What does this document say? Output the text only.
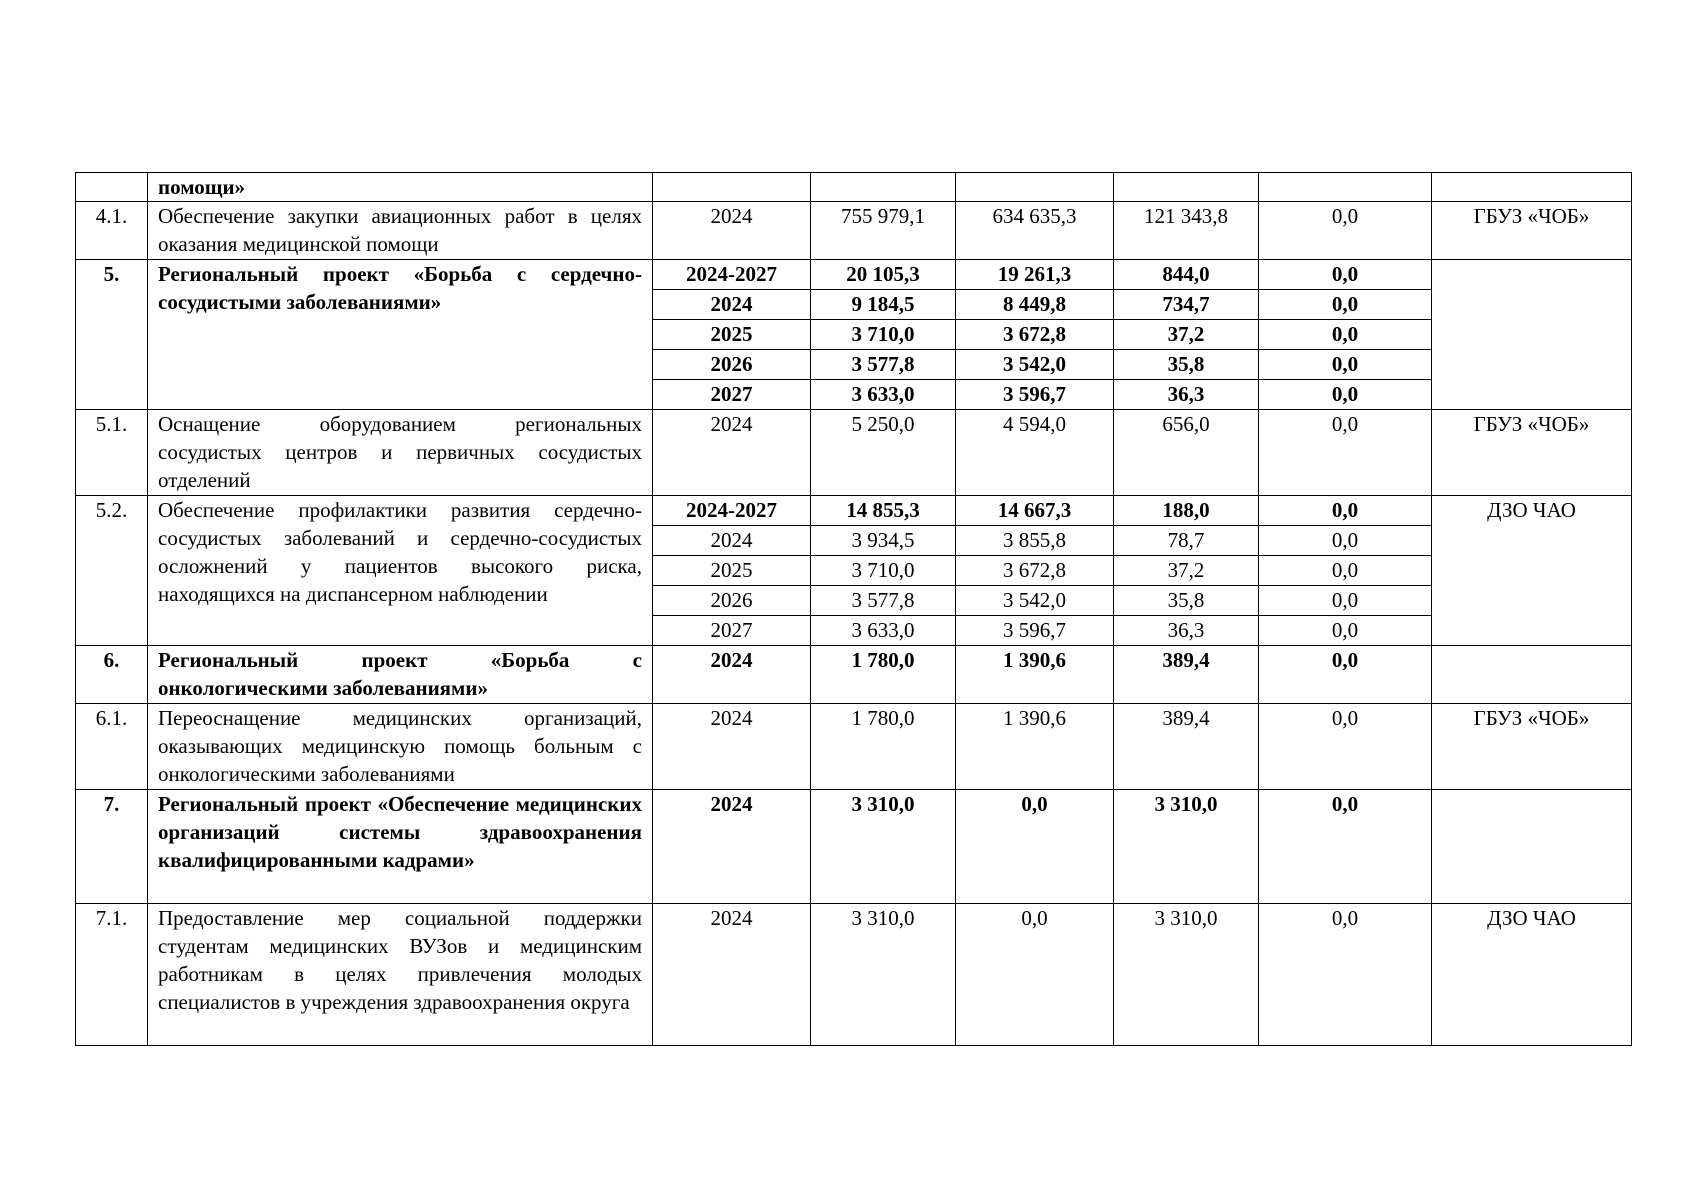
	помощи»						
4.1.	Обеспечение закупки авиационных работ в целях оказания медицинской помощи	2024	755 979,1	634 635,3	121 343,8	0,0	ГБУЗ «ЧОБ»
5.	Региональный проект «Борьба с сердечно-сосудистыми заболеваниями»	2024-2027	20 105,3	19 261,3	844,0	0,0	
		2024	9 184,5	8 449,8	734,7	0,0	
		2025	3 710,0	3 672,8	37,2	0,0	
		2026	3 577,8	3 542,0	35,8	0,0	
		2027	3 633,0	3 596,7	36,3	0,0	
5.1.	Оснащение оборудованием региональных сосудистых центров и первичных сосудистых отделений	2024	5 250,0	4 594,0	656,0	0,0	ГБУЗ «ЧОБ»
5.2.	Обеспечение профилактики развития сердечно-сосудистых заболеваний и сердечно-сосудистых осложнений у пациентов высокого риска, находящихся на диспансерном наблюдении	2024-2027	14 855,3	14 667,3	188,0	0,0	ДЗО ЧАО
		2024	3 934,5	3 855,8	78,7	0,0	
		2025	3 710,0	3 672,8	37,2	0,0	
		2026	3 577,8	3 542,0	35,8	0,0	
		2027	3 633,0	3 596,7	36,3	0,0	
6.	Региональный проект «Борьба с онкологическими заболеваниями»	2024	1 780,0	1 390,6	389,4	0,0	
6.1.	Переоснащение медицинских организаций, оказывающих медицинскую помощь больным с онкологическими заболеваниями	2024	1 780,0	1 390,6	389,4	0,0	ГБУЗ «ЧОБ»
7.	Региональный проект «Обеспечение медицинских организаций системы здравоохранения квалифицированными кадрами»	2024	3 310,0	0,0	3 310,0	0,0	
7.1.	Предоставление мер социальной поддержки студентам медицинских ВУЗов и медицинским работникам в целях привлечения молодых специалистов в учреждения здравоохранения округа	2024	3 310,0	0,0	3 310,0	0,0	ДЗО ЧАО
